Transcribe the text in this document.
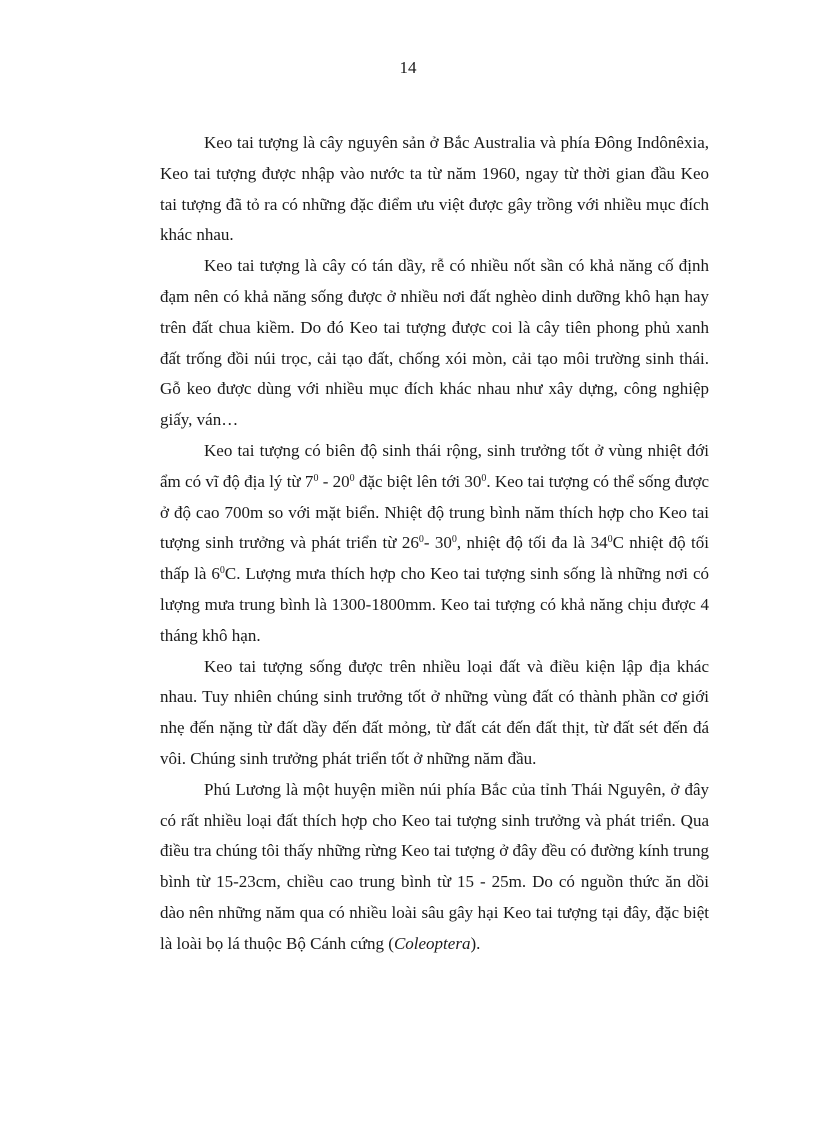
14

Keo tai tượng là cây nguyên sản ở Bắc Australia và phía Đông Indônêxia, Keo tai tượng được nhập vào nước ta từ năm 1960, ngay từ thời gian đầu Keo tai tượng đã tỏ ra có những đặc điểm ưu việt được gây trồng với nhiều mục đích khác nhau.

Keo tai tượng là cây có tán dầy, rễ có nhiều nốt sần có khả năng cố định đạm nên có khả năng sống được ở nhiều nơi đất nghèo dinh dưỡng khô hạn hay trên đất chua kiềm. Do đó Keo tai tượng được coi là cây tiên phong phủ xanh đất trống đồi núi trọc, cải tạo đất, chống xói mòn, cải tạo môi trường sinh thái. Gỗ keo được dùng với nhiều mục đích khác nhau như xây dựng, công nghiệp giấy, ván…

Keo tai tượng có biên độ sinh thái rộng, sinh trưởng tốt ở vùng nhiệt đới ẩm có vĩ độ địa lý từ $7^0 - 20^0$ đặc biệt lên tới $30^0$. Keo tai tượng có thể sống được ở độ cao 700m so với mặt biển. Nhiệt độ trung bình năm thích hợp cho Keo tai tượng sinh trưởng và phát triển từ $26^0-$ $30^0$, nhiệt độ tối đa là $34^0C$ nhiệt độ tối thấp là $6^0C$. Lượng mưa thích hợp cho Keo tai tượng sinh sống là những nơi có lượng mưa trung bình là 1300-1800mm. Keo tai tượng có khả năng chịu được 4 tháng khô hạn.

Keo tai tượng sống được trên nhiều loại đất và điều kiện lập địa khác nhau. Tuy nhiên chúng sinh trưởng tốt ở những vùng đất có thành phần cơ giới nhẹ đến nặng từ đất dầy đến đất mỏng, từ đất cát đến đất thịt, từ đất sét đến đá vôi. Chúng sinh trưởng phát triển tốt ở những năm đầu.

Phú Lương là một huyện miền núi phía Bắc của tỉnh Thái Nguyên, ở đây có rất nhiều loại đất thích hợp cho Keo tai tượng sinh trưởng và phát triển. Qua điều tra chúng tôi thấy những rừng Keo tai tượng ở đây đều có đường kính trung bình từ 15-23cm, chiều cao trung bình từ 15 - 25m. Do có nguồn thức ăn dồi dào nên những năm qua có nhiều loài sâu gây hại Keo tai tượng tại đây, đặc biệt là loài bọ lá thuộc Bộ Cánh cứng (Coleoptera).
